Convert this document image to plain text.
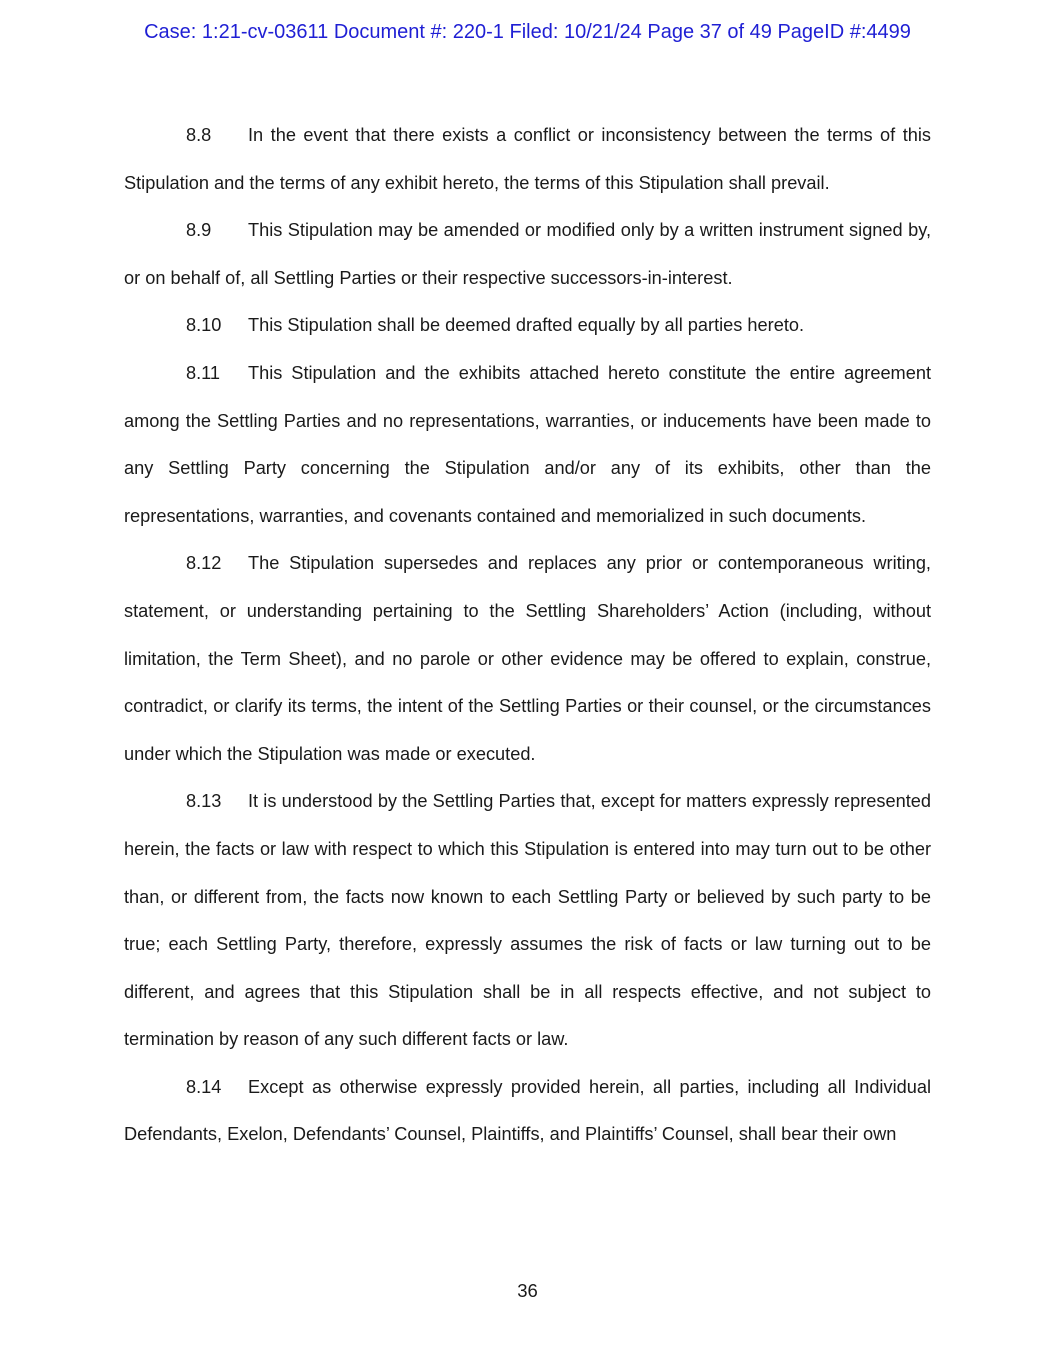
Case: 1:21-cv-03611 Document #: 220-1 Filed: 10/21/24 Page 37 of 49 PageID #:4499

8.8 In the event that there exists a conflict or inconsistency between the terms of this Stipulation and the terms of any exhibit hereto, the terms of this Stipulation shall prevail.

8.9 This Stipulation may be amended or modified only by a written instrument signed by, or on behalf of, all Settling Parties or their respective successors-in-interest.

8.10 This Stipulation shall be deemed drafted equally by all parties hereto.

8.11 This Stipulation and the exhibits attached hereto constitute the entire agreement among the Settling Parties and no representations, warranties, or inducements have been made to any Settling Party concerning the Stipulation and/or any of its exhibits, other than the representations, warranties, and covenants contained and memorialized in such documents.

8.12 The Stipulation supersedes and replaces any prior or contemporaneous writing, statement, or understanding pertaining to the Settling Shareholders’ Action (including, without limitation, the Term Sheet), and no parole or other evidence may be offered to explain, construe, contradict, or clarify its terms, the intent of the Settling Parties or their counsel, or the circumstances under which the Stipulation was made or executed.

8.13 It is understood by the Settling Parties that, except for matters expressly represented herein, the facts or law with respect to which this Stipulation is entered into may turn out to be other than, or different from, the facts now known to each Settling Party or believed by such party to be true; each Settling Party, therefore, expressly assumes the risk of facts or law turning out to be different, and agrees that this Stipulation shall be in all respects effective, and not subject to termination by reason of any such different facts or law.

8.14 Except as otherwise expressly provided herein, all parties, including all Individual Defendants, Exelon, Defendants’ Counsel, Plaintiffs, and Plaintiffs’ Counsel, shall bear their own

36
